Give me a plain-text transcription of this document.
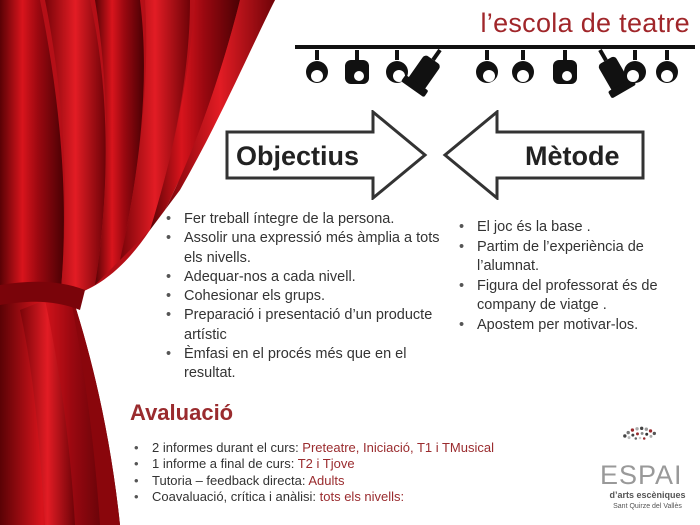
l’escola de teatre
Objectius	Mètode
• Fer treball íntegre de la persona.
• Assolir una expressió més àmplia a tots els nivells.
• Adequar-nos a cada nivell.
• Cohesionar els grups.
• Preparació i presentació d’un producte artístic
• Èmfasi en el procés més que en el resultat.
• El joc és la base .
• Partim de l’experiència de l’alumnat.
• Figura del professorat és de company de viatge .
• Apostem per motivar-los.
Avaluació
• 2 informes durant el curs: Preteatre, Iniciació, T1 i TMusical
• 1 informe a final de curs: T2 i Tjove
• Tutoria – feedback directa: Adults
• Coavaluació, crítica i anàlisi: tots els nivells:
ESPAI
d’arts escèniques
Sant Quirze del Vallès
